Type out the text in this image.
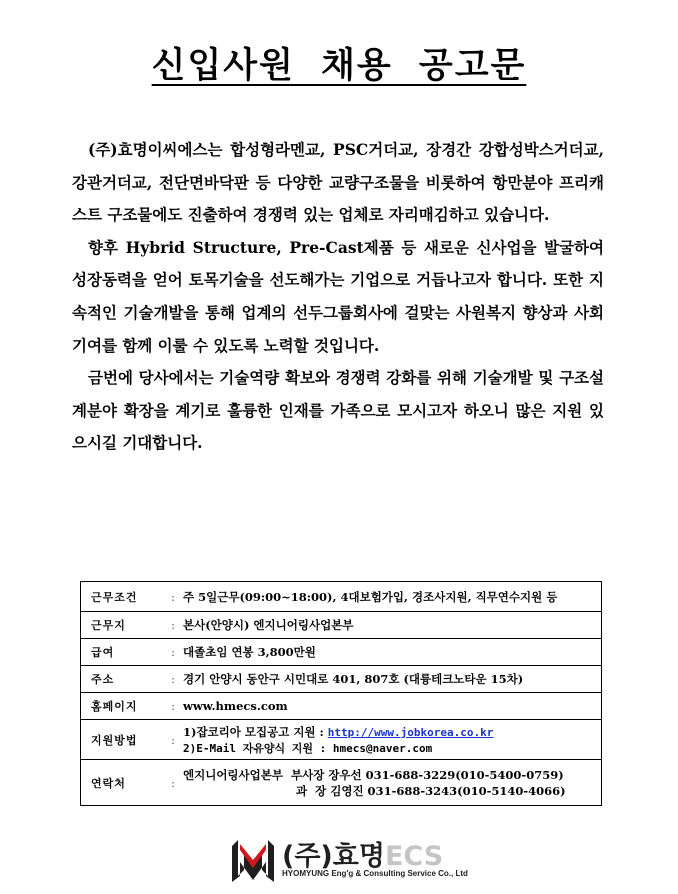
신입사원 채용 공고문

(주)효명이씨에스는 합성형라멘교, PSC거더교, 장경간 강합성박스거더교, 강관거더교, 전단면바닥판 등 다양한 교량구조물을 비롯하여 항만분야 프리캐스트 구조물에도 진출하여 경쟁력 있는 업체로 자리매김하고 있습니다.

향후 Hybrid Structure, Pre-Cast제품 등 새로운 신사업을 발굴하여 성장동력을 얻어 토목기술을 선도해가는 기업으로 거듭나고자 합니다. 또한 지속적인 기술개발을 통해 업계의 선두그룹회사에 걸맞는 사원복지 향상과 사회기여를 함께 이룰 수 있도록 노력할 것입니다.

금번에 당사에서는 기술역량 확보와 경쟁력 강화를 위해 기술개발 및 구조설계분야 확장을 계기로 훌륭한 인재를 가족으로 모시고자 하오니 많은 지원 있으시길 기대합니다.

근무조건	:	주 5일근무(09:00~18:00), 4대보험가입, 경조사지원, 직무연수지원 등
근무지	:	본사(안양시) 엔지니어링사업본부
급여	:	대졸초임 연봉 3,800만원
주소	:	경기 안양시 동안구 시민대로 401, 807호 (대륭테크노타운 15차)
홈페이지	:	www.hmecs.com
지원방법	:	1)잡코리아 모집공고 지원 : http://www.jobkorea.co.kr
2)E-Mail 자유양식 지원 : hmecs@naver.com

연락처	:	엔지니어링사업본부  부사장 장우선 031-688-3229(010-5400-0759)
과  장 김영진 031-688-3243(010-5140-4066)
(주)효명ECS
HYOMYUNG Eng'g & Consulting Service Co., Ltd
